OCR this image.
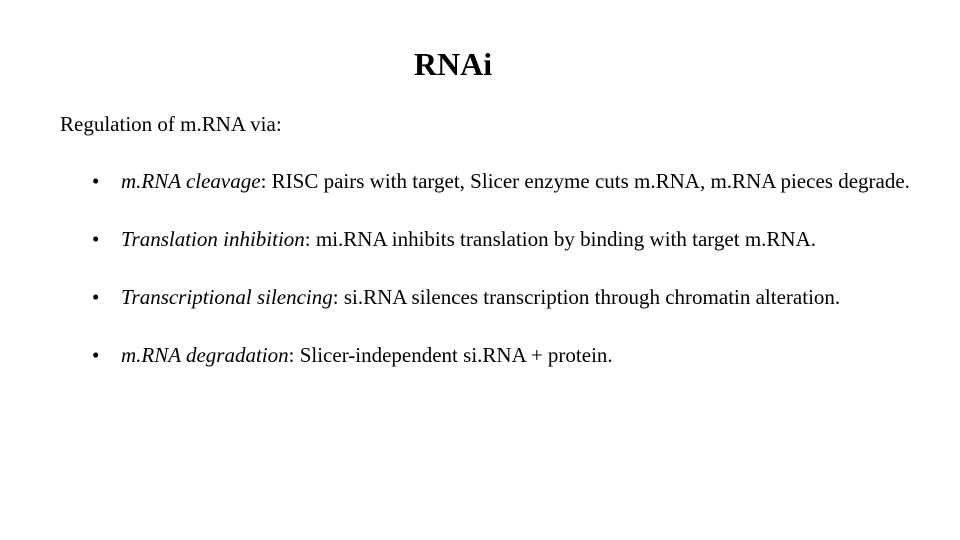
RNAi
Regulation of m.RNA via:
• m.RNA cleavage: RISC pairs with target, Slicer enzyme cuts m.RNA, m.RNA pieces degrade.
• Translation inhibition: mi.RNA inhibits translation by binding with target m.RNA.
• Transcriptional silencing: si.RNA silences transcription through chromatin alteration.
• m.RNA degradation: Slicer-independent si.RNA + protein.
